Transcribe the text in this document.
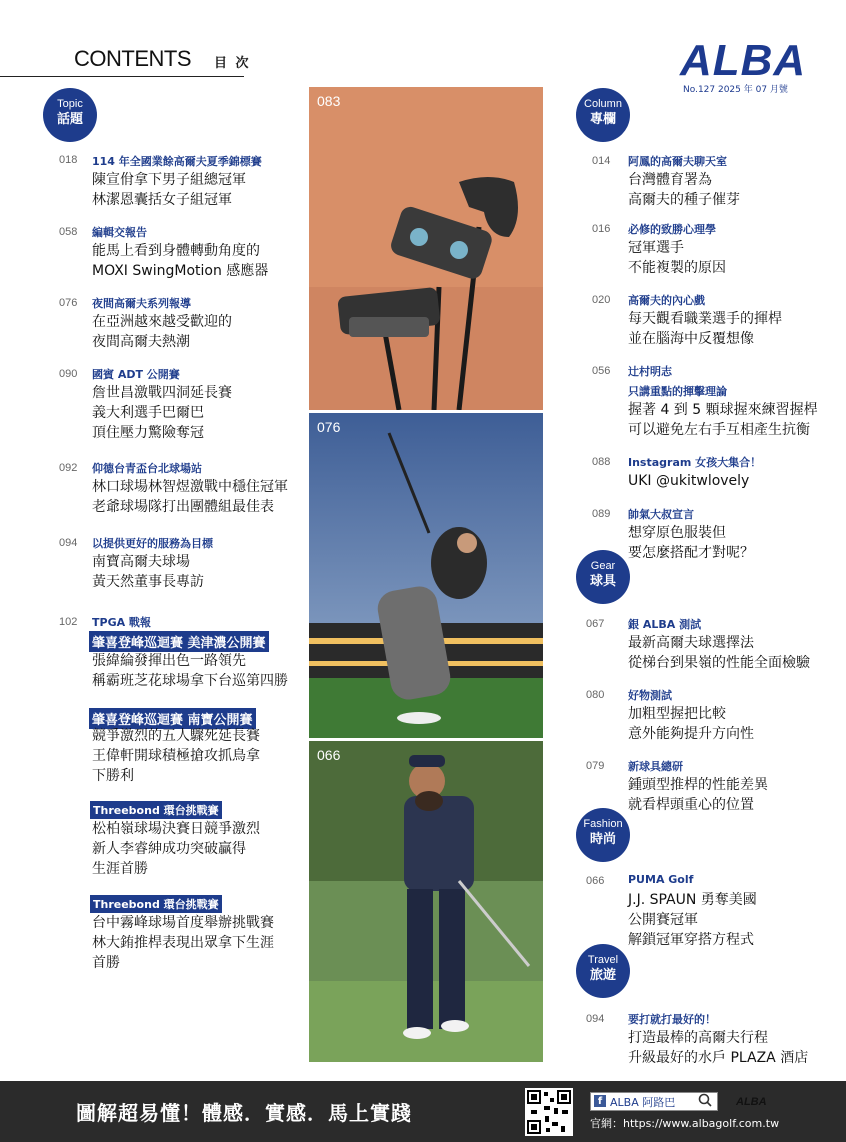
CONTENTS 目 次	ALBA
No.127 2025 年 07 月號
Topic
話題
Column
專欄
Gear
球具
Fashion
時尚
Travel
旅遊
018 114 年全國業餘高爾夫夏季錦標賽
陳宣佾拿下男子組總冠軍
林潔恩囊括女子組冠軍
058 編輯交報告
能馬上看到身體轉動角度的
MOXI SwingMotion 感應器
076 夜間高爾夫系列報導
在亞洲越來越受歡迎的
夜間高爾夫熱潮
090 國賓 ADT 公開賽
詹世昌激戰四洞延長賽
義大利選手巴爾巴
頂住壓力驚險奪冠
092 仰德台青盃台北球場站
林口球場林智煜激戰中穩住冠軍
老爺球場隊打出團體組最佳表
094 以提供更好的服務為目標
南寶高爾夫球場
黃天然董事長專訪
102 TPGA 戰報
肇喜登峰巡迴賽 美津濃公開賽
張緯綸發揮出色一路領先
稱霸班芝花球場拿下台巡第四勝
肇喜登峰巡迴賽 南寶公開賽
競爭激烈的五人驟死延長賽
王偉軒開球積極搶攻抓鳥拿
下勝利
Threebond 環台挑戰賽
松柏嶺球場決賽日競爭激烈
新人李睿紳成功突破贏得
生涯首勝
Threebond 環台挑戰賽
台中霧峰球場首度舉辦挑戰賽
林大銪推桿表現出眾拿下生涯
首勝
083
076
066
014 阿鳳的高爾夫聊天室
台灣體育署為
高爾夫的種子催芽
016 必修的致勝心理學
冠軍選手
不能複製的原因
020 高爾夫的內心戲
每天觀看職業選手的揮桿
並在腦海中反覆想像
056 辻村明志
只講重點的揮擊理論
握著 4 到 5 顆球握來練習握桿
可以避免左右手互相產生抗衡
088 Instagram 女孩大集合！
UKI @ukitwlovely
089 帥氣大叔宣言
想穿原色服裝但
要怎麼搭配才對呢？
067 銀 ALBA 測試
最新高爾夫球選擇法
從梯台到果嶺的性能全面檢驗
080 好物測試
加粗型握把比較
意外能夠提升方向性
079 新球具總研
鍾頭型推桿的性能差異
就看桿頭重心的位置
066 PUMA Golf
J.J. SPAUN 勇奪美國
公開賽冠軍
解鎖冠軍穿搭方程式
094 要打就打最好的！
打造最棒的高爾夫行程
升級最好的水戶 PLAZA 酒店
圖解超易懂！體感．實感．馬上實踐	f ALBA 阿路巴	ALBA
官網：https://www.albagolf.com.tw
